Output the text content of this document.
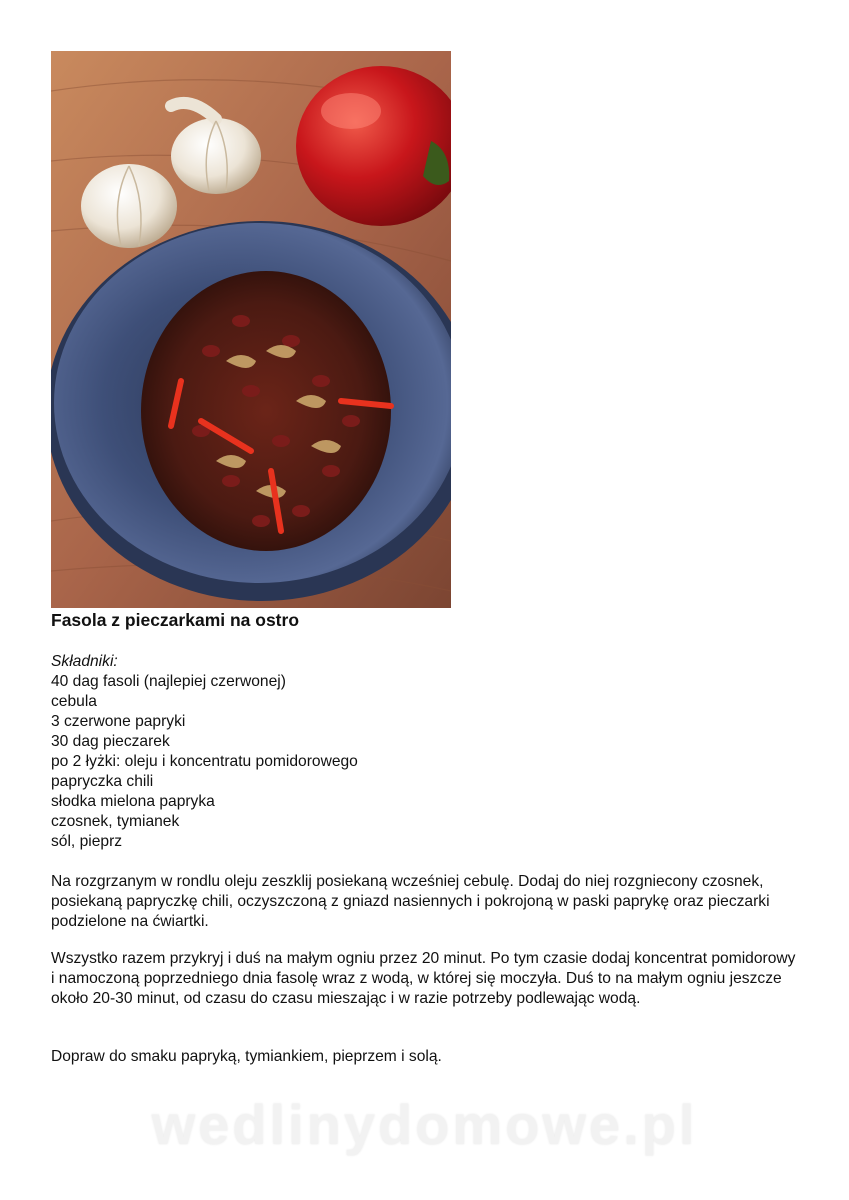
Fasola z pieczarkami na ostro
Składniki:
40 dag fasoli (najlepiej czerwonej)
cebula
3 czerwone papryki
30 dag pieczarek
po 2 łyżki: oleju i koncentratu pomidorowego
papryczka chili
słodka mielona papryka
czosnek, tymianek
sól, pieprz

Na rozgrzanym w rondlu oleju zeszklij posiekaną wcześniej cebulę. Dodaj do niej rozgniecony czosnek, posiekaną papryczkę chili, oczyszczoną z gniazd nasiennych i pokrojoną w paski paprykę oraz pieczarki podzielone na ćwiartki.

Wszystko razem przykryj i duś na małym ogniu przez 20 minut. Po tym czasie dodaj koncentrat pomidorowy i namoczoną poprzedniego dnia fasolę wraz z wodą, w której się moczyła. Duś to na małym ogniu jeszcze około 20-30 minut, od czasu do czasu mieszając i w razie potrzeby podlewając wodą.

Dopraw do smaku papryką, tymiankiem, pieprzem i solą.

wedlinydomowe.pl
